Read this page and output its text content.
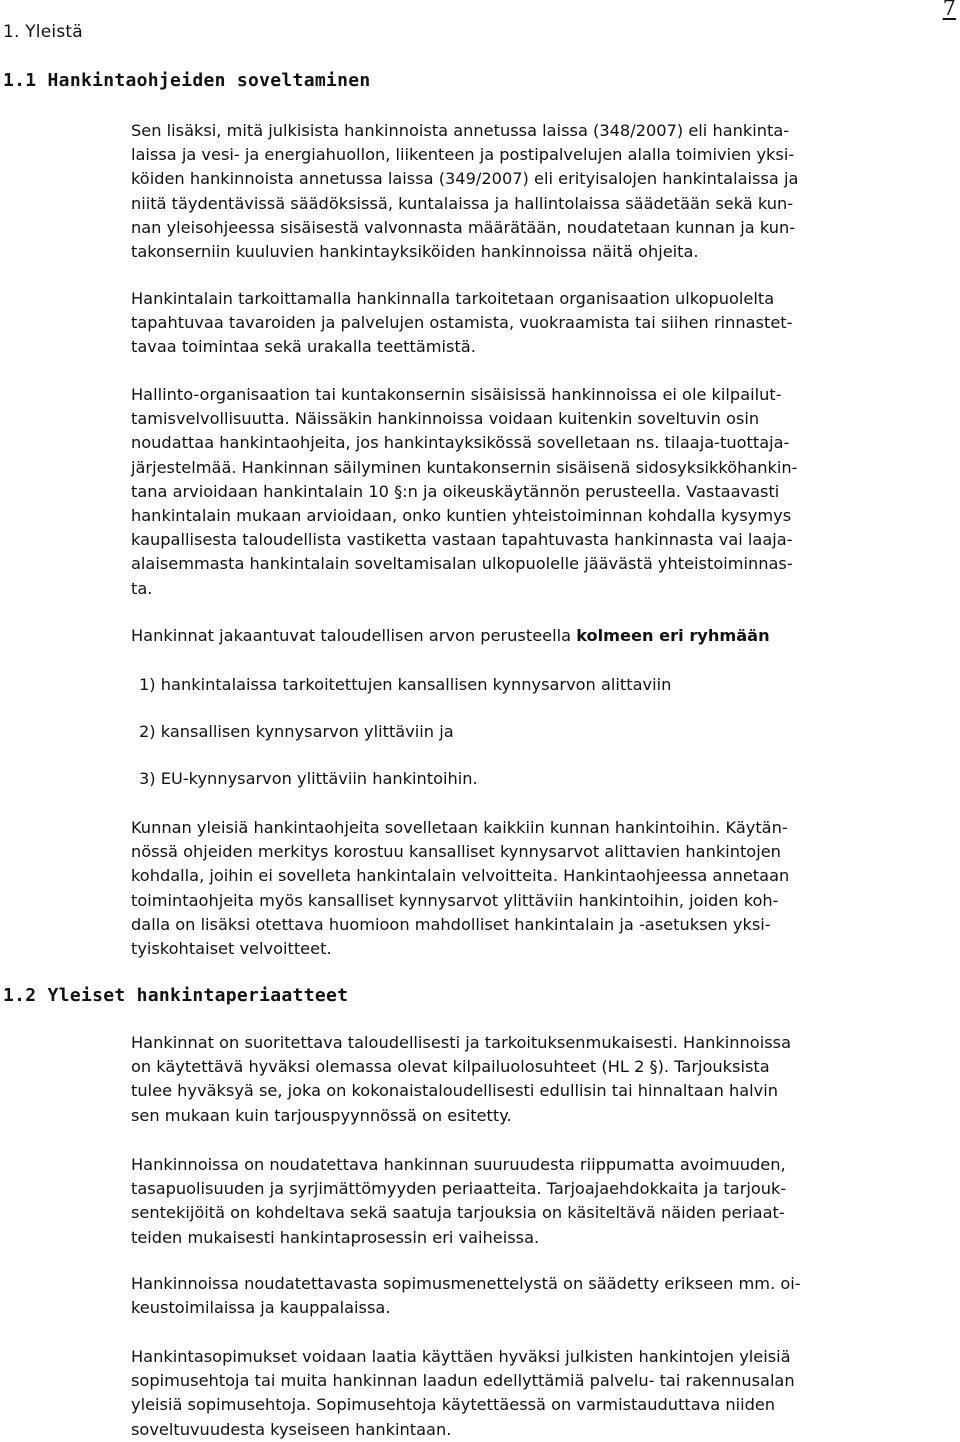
1. Yleistä
7
1.1 Hankintaohjeiden soveltaminen
Sen lisäksi, mitä julkisista hankinnoista annetussa laissa (348/2007) eli hankinta-
laissa ja vesi- ja energiahuollon, liikenteen ja postipalvelujen alalla toimivien yksi-
köiden hankinnoista annetussa laissa (349/2007) eli erityisalojen hankintalaissa ja
niitä täydentävissä säädöksissä, kuntalaissa ja hallintolaissa säädetään sekä kun-
nan yleisohjeessa sisäisestä valvonnasta määrätään, noudatetaan kunnan ja kun-
takonserniin kuuluvien hankintayksiköiden hankinnoissa näitä ohjeita.
Hankintalain tarkoittamalla hankinnalla tarkoitetaan organisaation ulkopuolelta
tapahtuvaa tavaroiden ja palvelujen ostamista, vuokraamista tai siihen rinnastet-
tavaa toimintaa sekä urakalla teettämistä.
Hallinto-organisaation tai kuntakonsernin sisäisissä hankinnoissa ei ole kilpailut-
tamisvelvollisuutta. Näissäkin hankinnoissa voidaan kuitenkin soveltuvin osin
noudattaa hankintaohjeita, jos hankintayksikössä sovelletaan ns. tilaaja-tuottaja-
järjestelmää. Hankinnan säilyminen kuntakonsernin sisäisenä sidosyksikköhankin-
tana arvioidaan hankintalain 10 §:n ja oikeuskäytännön perusteella. Vastaavasti
hankintalain mukaan arvioidaan, onko kuntien yhteistoiminnan kohdalla kysymys
kaupallisesta taloudellista vastiketta vastaan tapahtuvasta hankinnasta vai laaja-
alaisemmasta hankintalain soveltamisalan ulkopuolelle jäävästä yhteistoiminnas-
ta.
Hankinnat jakaantuvat taloudellisen arvon perusteella kolmeen eri ryhmään
1) hankintalaissa tarkoitettujen kansallisen kynnysarvon alittaviin
2) kansallisen kynnysarvon ylittäviin ja
3) EU-kynnysarvon ylittäviin hankintoihin.
Kunnan yleisiä hankintaohjeita sovelletaan kaikkiin kunnan hankintoihin. Käytän-
nössä ohjeiden merkitys korostuu kansalliset kynnysarvot alittavien hankintojen
kohdalla, joihin ei sovelleta hankintalain velvoitteita. Hankintaohjeessa annetaan
toimintaohjeita myös kansalliset kynnysarvot ylittäviin hankintoihin, joiden koh-
dalla on lisäksi otettava huomioon mahdolliset hankintalain ja -asetuksen yksi-
tyiskohtaiset velvoitteet.
1.2 Yleiset hankintaperiaatteet
Hankinnat on suoritettava taloudellisesti ja tarkoituksenmukaisesti. Hankinnoissa
on käytettävä hyväksi olemassa olevat kilpailuolosuhteet (HL 2 §). Tarjouksista
tulee hyväksyä se, joka on kokonaistaloudellisesti edullisin tai hinnaltaan halvin
sen mukaan kuin tarjouspyynnössä on esitetty.
Hankinnoissa on noudatettava hankinnan suuruudesta riippumatta avoimuuden,
tasapuolisuuden ja syrjimättömyyden periaatteita. Tarjoajaehdokkaita ja tarjouk-
sentekijöitä on kohdeltava sekä saatuja tarjouksia on käsiteltävä näiden periaat-
teiden mukaisesti hankintaprosessin eri vaiheissa.
Hankinnoissa noudatettavasta sopimusmenettelystä on säädetty erikseen mm. oi-
keustoimilaissa ja kauppalaissa.
Hankintasopimukset voidaan laatia käyttäen hyväksi julkisten hankintojen yleisiä
sopimusehtoja tai muita hankinnan laadun edellyttämiä palvelu- tai rakennusalan
yleisiä sopimusehtoja. Sopimusehtoja käytettäessä on varmistauduttava niiden
soveltuvuudesta kyseiseen hankintaan.
